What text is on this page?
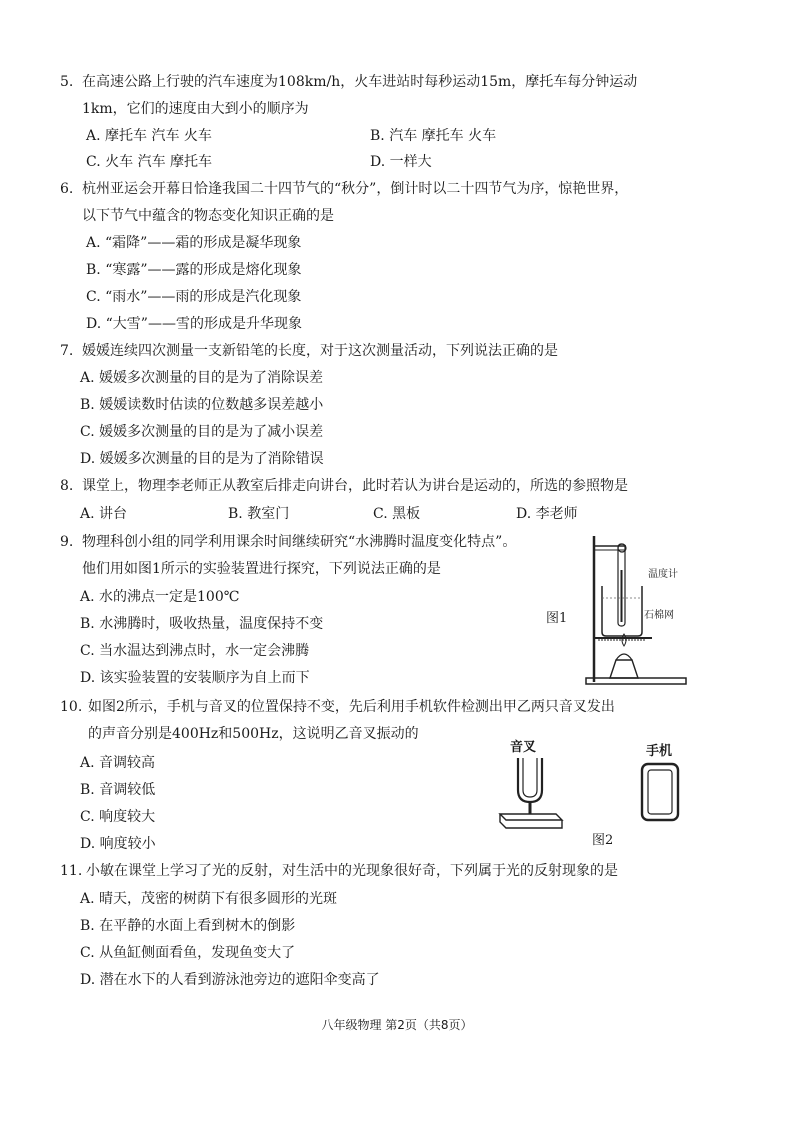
5. 在高速公路上行驶的汽车速度为108km/h，火车进站时每秒运动15m，摩托车每分钟运动
1km，它们的速度由大到小的顺序为
A. 摩托车 汽车 火车	B. 汽车 摩托车 火车
C. 火车 汽车 摩托车	D. 一样大
6. 杭州亚运会开幕日恰逢我国二十四节气的“秋分”，倒计时以二十四节气为序，惊艳世界，
以下节气中蕴含的物态变化知识正确的是
A. “霜降”——霜的形成是凝华现象
B. “寒露”——露的形成是熔化现象
C. “雨水”——雨的形成是汽化现象
D. “大雪”——雪的形成是升华现象
7. 媛媛连续四次测量一支新铅笔的长度，对于这次测量活动，下列说法正确的是
A. 媛媛多次测量的目的是为了消除误差
B. 媛媛读数时估读的位数越多误差越小
C. 媛媛多次测量的目的是为了减小误差
D. 媛媛多次测量的目的是为了消除错误
8. 课堂上，物理李老师正从教室后排走向讲台，此时若认为讲台是运动的，所选的参照物是
A. 讲台	B. 教室门	C. 黑板	D. 李老师
9. 物理科创小组的同学利用课余时间继续研究“水沸腾时温度变化特点”。
他们用如图1所示的实验装置进行探究，下列说法正确的是
A. 水的沸点一定是100℃
B. 水沸腾时，吸收热量，温度保持不变
C. 当水温达到沸点时，水一定会沸腾
D. 该实验装置的安装顺序为自上而下
图1
温度计
石棉网
10. 如图2所示，手机与音叉的位置保持不变，先后利用手机软件检测出甲乙两只音叉发出
的声音分别是400Hz和500Hz，这说明乙音叉振动的
A. 音调较高
B. 音调较低
C. 响度较大
D. 响度较小
音叉	手机
图2
11. 小敏在课堂上学习了光的反射，对生活中的光现象很好奇，下列属于光的反射现象的是
A. 晴天，茂密的树荫下有很多圆形的光斑
B. 在平静的水面上看到树木的倒影
C. 从鱼缸侧面看鱼，发现鱼变大了
D. 潜在水下的人看到游泳池旁边的遮阳伞变高了
八年级物理 第2页（共8页）
